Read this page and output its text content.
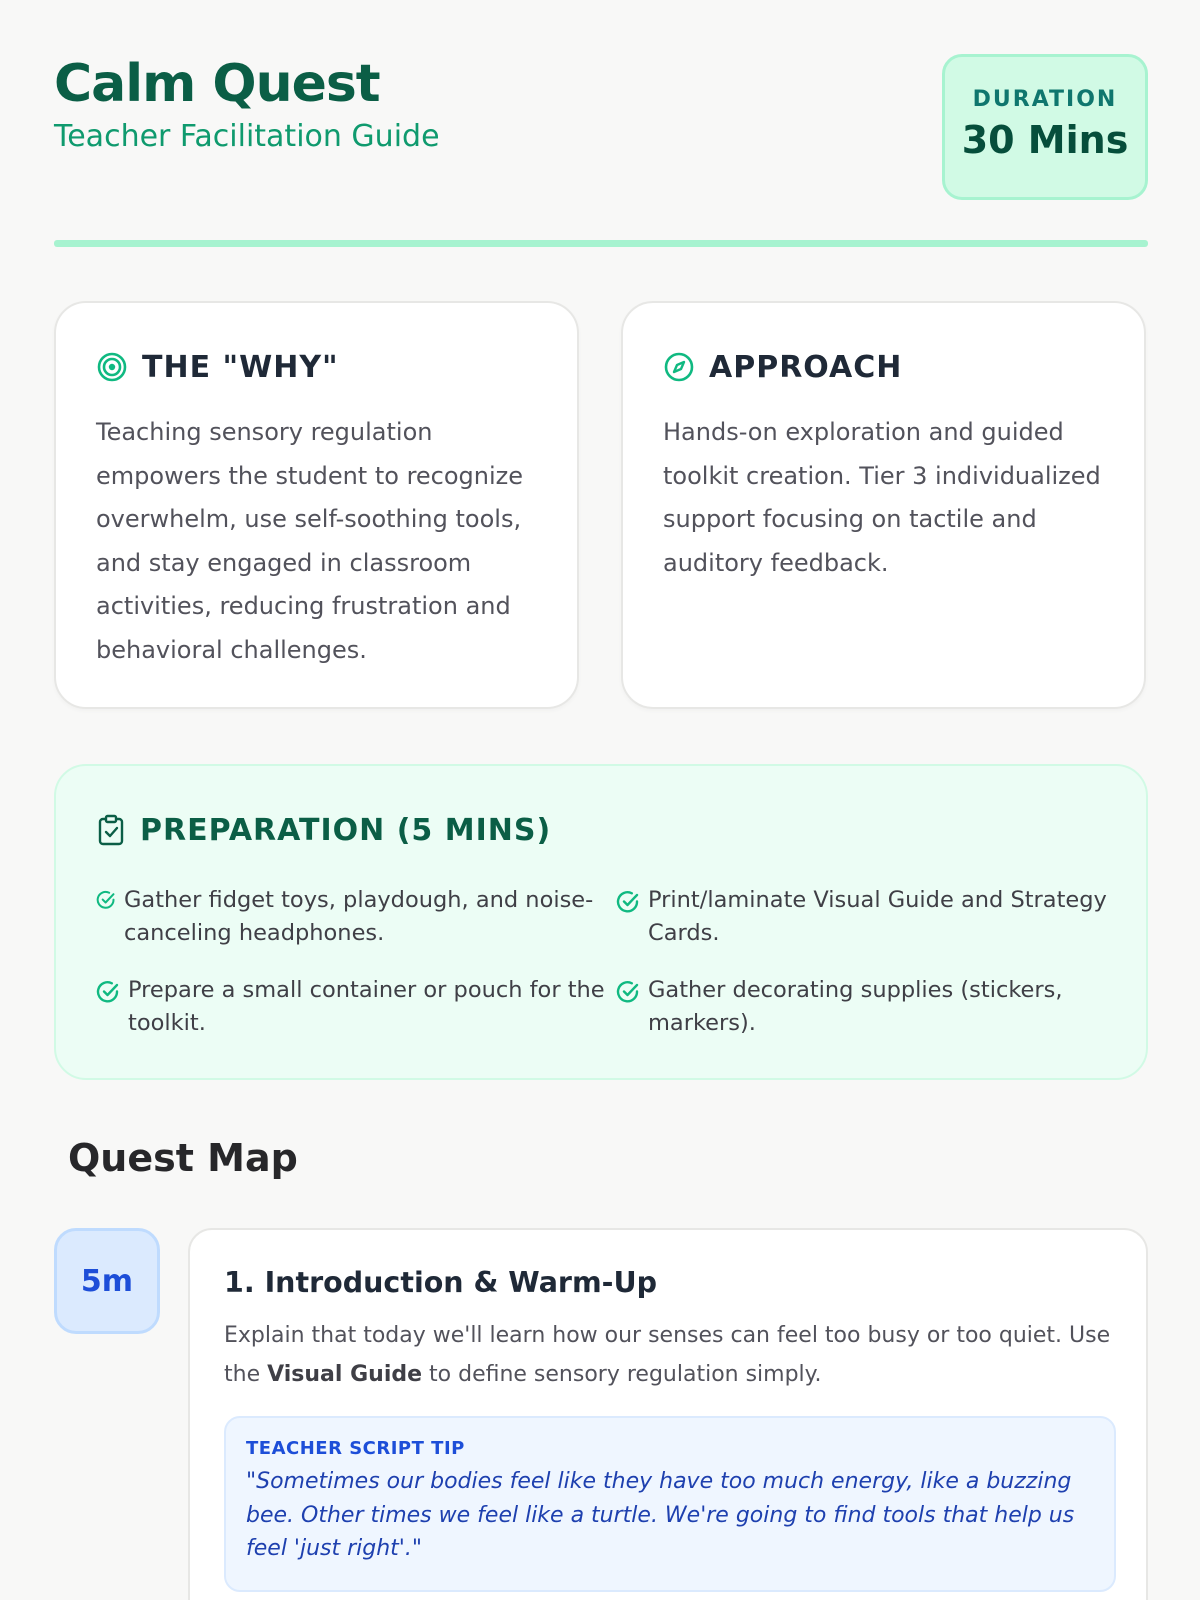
Calm Quest
Teacher Facilitation Guide
DURATION
30 Mins
THE "WHY"
Teaching sensory regulation empowers the student to recognize overwhelm, use self-soothing tools, and stay engaged in classroom activities, reducing frustration and behavioral challenges.
APPROACH
Hands-on exploration and guided toolkit creation. Tier 3 individualized support focusing on tactile and auditory feedback.
PREPARATION (5 MINS)
Gather fidget toys, playdough, and noise-canceling headphones.
Print/laminate Visual Guide and Strategy Cards.
Prepare a small container or pouch for the toolkit.
Gather decorating supplies (stickers, markers).
Quest Map
5m	1. Introduction & Warm-Up
Explain that today we'll learn how our senses can feel too busy or too quiet. Use the Visual Guide to define sensory regulation simply.
TEACHER SCRIPT TIP
"Sometimes our bodies feel like they have too much energy, like a buzzing bee. Other times we feel like a turtle. We're going to find tools that help us feel 'just right'."
